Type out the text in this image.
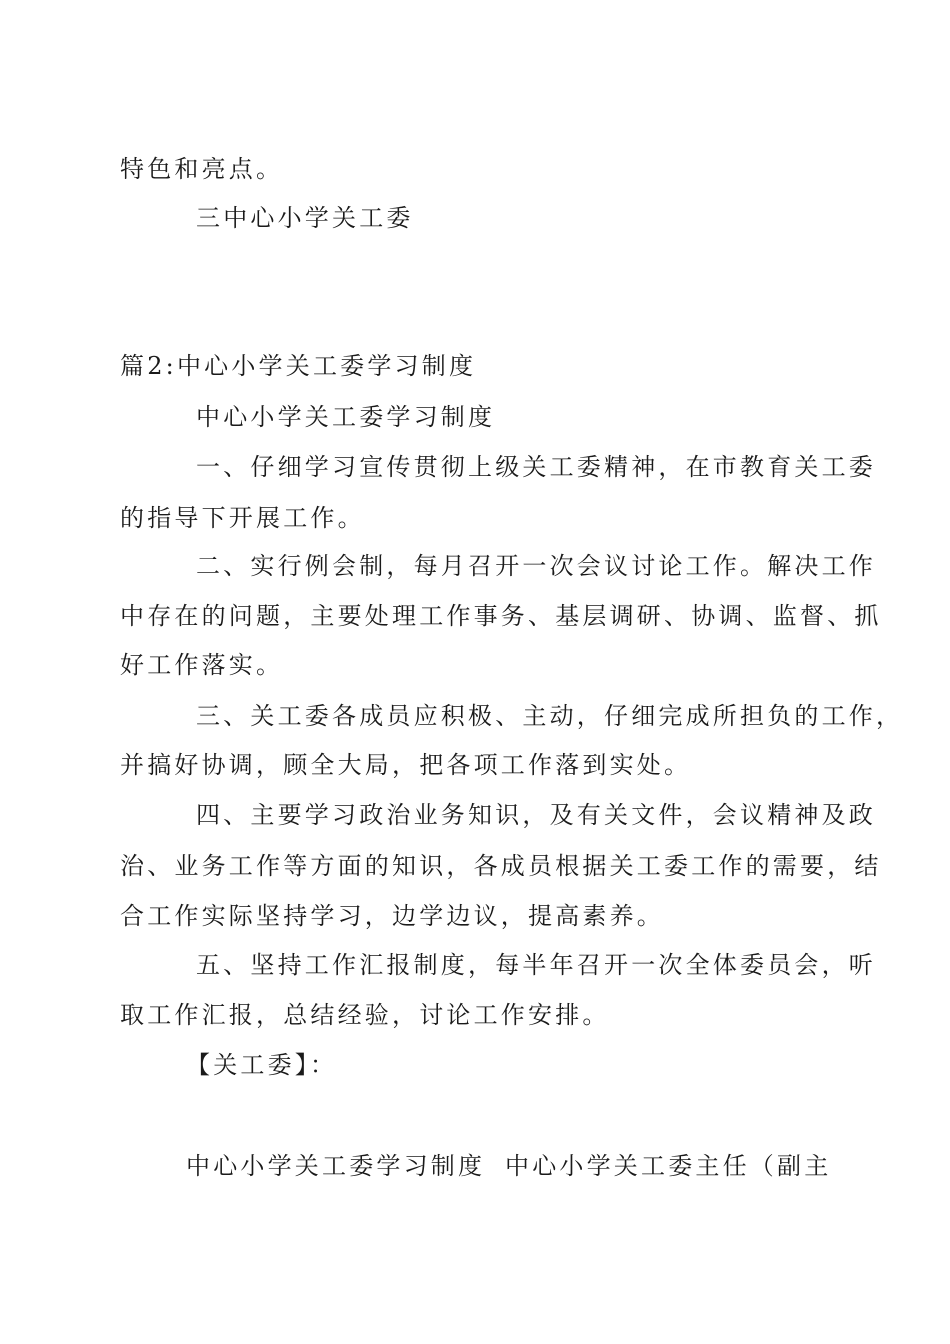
特色和亮点。
三中心小学关工委
篇2:中心小学关工委学习制度
中心小学关工委学习制度
一、仔细学习宣传贯彻上级关工委精神，在市教育关工委
的指导下开展工作。
二、实行例会制，每月召开一次会议讨论工作。解决工作
中存在的问题，主要处理工作事务、基层调研、协调、监督、抓
好工作落实。
三、关工委各成员应积极、主动，仔细完成所担负的工作，
并搞好协调，顾全大局，把各项工作落到实处。
四、主要学习政治业务知识，及有关文件，会议精神及政
治、业务工作等方面的知识，各成员根据关工委工作的需要，结
合工作实际坚持学习，边学边议，提高素养。
五、坚持工作汇报制度，每半年召开一次全体委员会，听
取工作汇报，总结经验，讨论工作安排。
【关工委】：
中心小学关工委学习制度 中心小学关工委主任（副主
